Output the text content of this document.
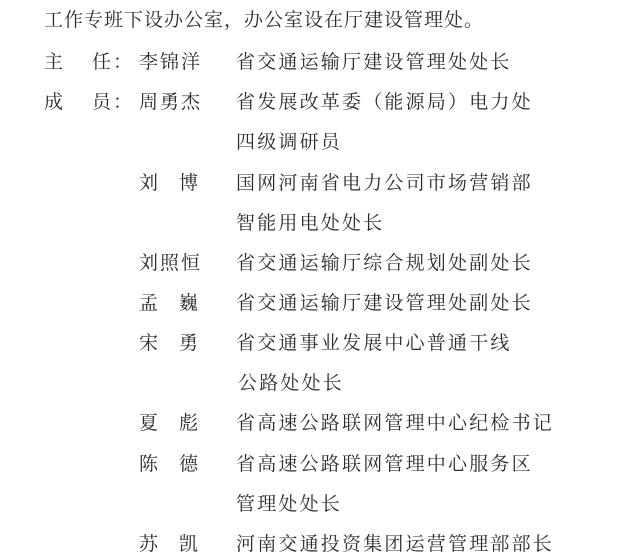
工作专班下设办公室，办公室设在厅建设管理处。
主 任： 李锦洋 省交通运输厅建设管理处处长
成 员： 周勇杰 省发展改革委（能源局）电力处
四级调研员
刘 博 国网河南省电力公司市场营销部
智能用电处处长
刘照恒 省交通运输厅综合规划处副处长
孟 巍 省交通运输厅建设管理处副处长
宋 勇 省交通事业发展中心普通干线
公路处处长
夏 彪 省高速公路联网管理中心纪检书记
陈 德 省高速公路联网管理中心服务区
管理处处长
苏 凯 河南交通投资集团运营管理部部长
